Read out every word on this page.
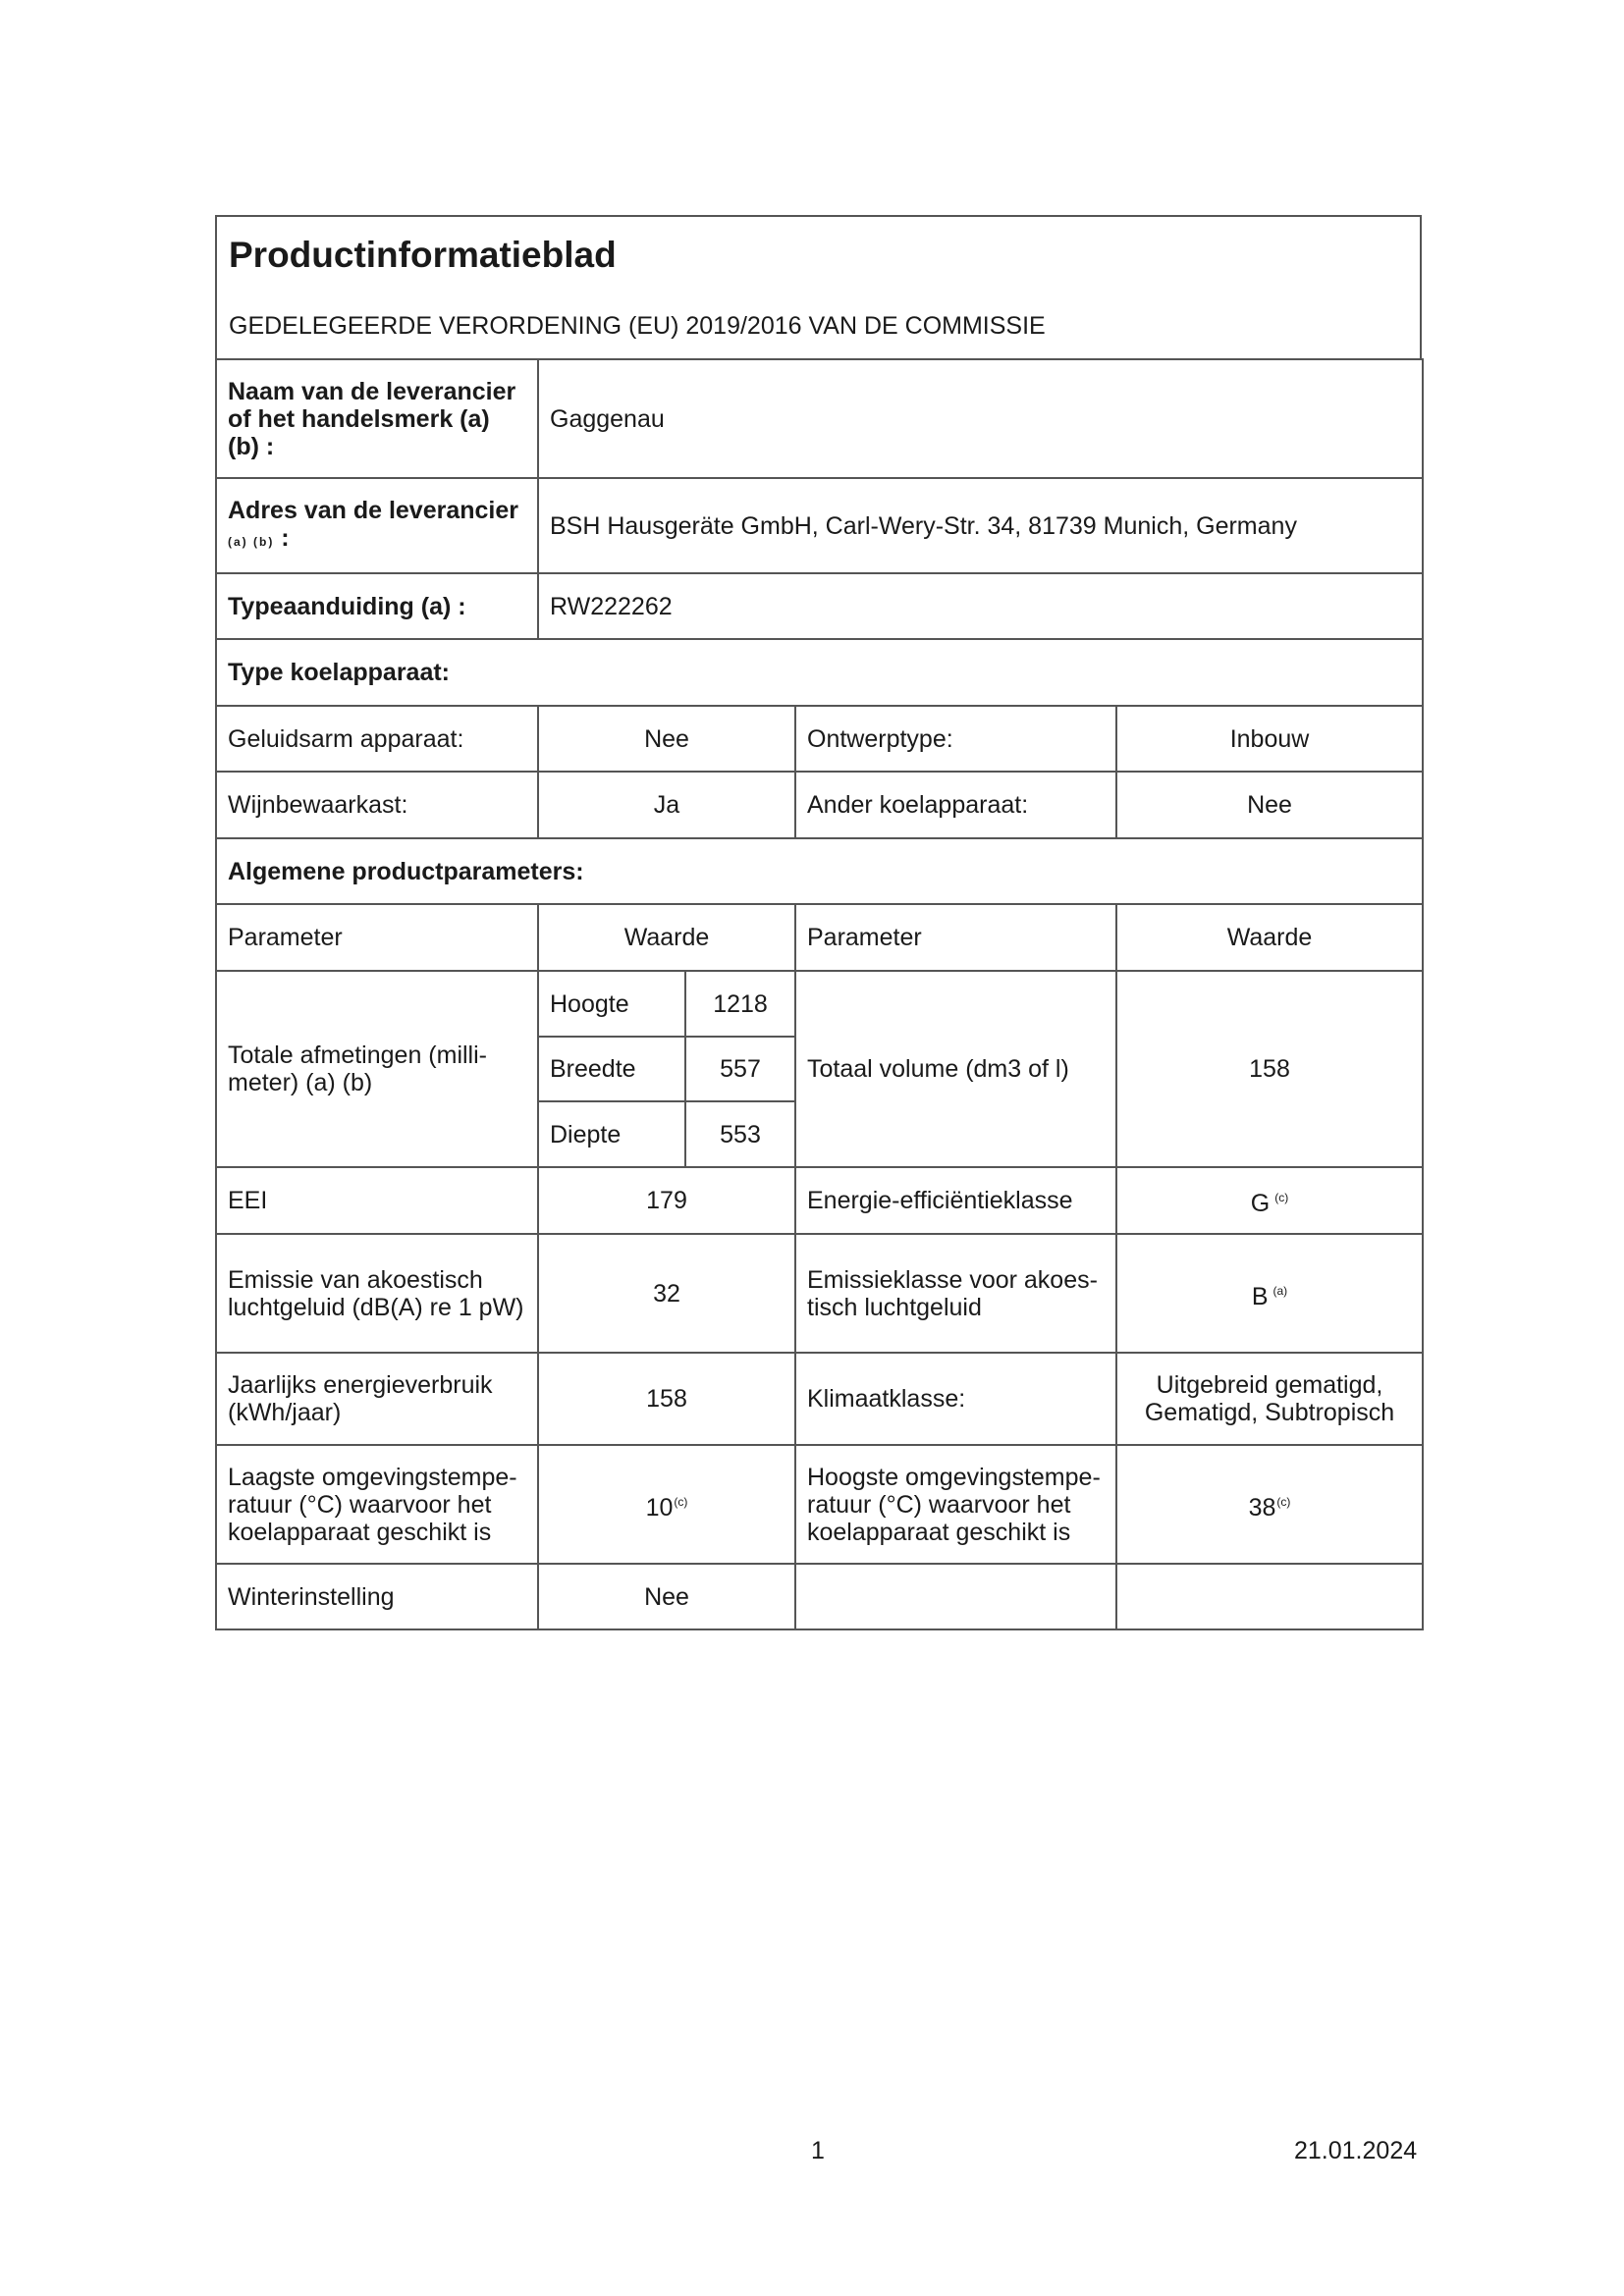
Productinformatieblad
GEDELEGEERDE VERORDENING (EU) 2019/2016 VAN DE COMMISSIE
Naam van de leverancier of het handelsmerk (a) (b) :	Gaggenau			
Adres van de leverancier
(a) (b) :	BSH Hausgeräte GmbH, Carl-Wery-Str. 34, 81739 Munich, Germany			
Typeaanduiding (a) :	RW222262			
Type koelapparaat:				
Geluidsarm apparaat:	Nee		Ontwerptype:	Inbouw
Wijnbewaarkast:	Ja		Ander koelapparaat:	Nee
Algemene productparameters:				
Parameter	Waarde		Parameter	Waarde
Totale afmetingen (milli-meter) (a) (b)	Hoogte	1218	Totaal volume (dm3 of l)	158
	Breedte	557		
	Diepte	553		
EEI	179		Energie-efficiëntieklasse	G $^{(c)}$
Emissie van akoestisch luchtgeluid (dB(A) re 1 pW)	32		Emissieklasse voor akoes-tisch luchtgeluid	B $^{(a)}$
Jaarlijks energieverbruik (kWh/jaar)	158		Klimaatklasse:	Uitgebreid gematigd, Gematigd, Subtropisch
Laagste omgevingstempe-ratuur (°C) waarvoor het koelapparaat geschikt is	10$^{(c)}$		Hoogste omgevingstempe-ratuur (°C) waarvoor het koelapparaat geschikt is	38$^{(c)}$
Winterinstelling	Nee			
1	21.01.2024
